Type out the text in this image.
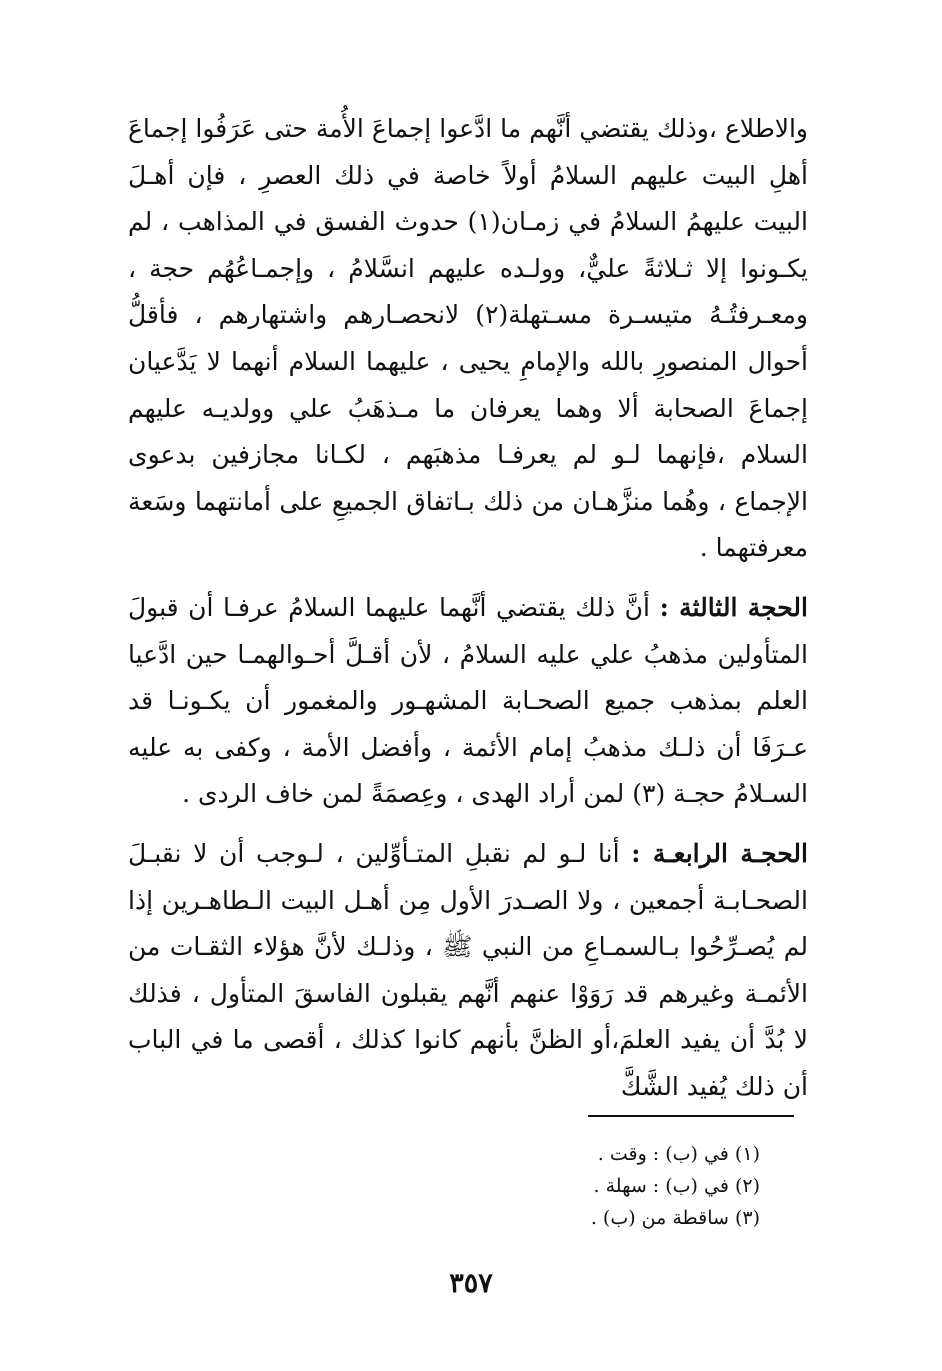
والاطلاع ،وذلك يقتضي أنَّهم ما ادَّعوا إجماعَ الأُمة حتى عَرَفُوا إجماعَ أهلِ البيت عليهم السلامُ أولاً خاصة في ذلك العصرِ ، فإن أهـلَ البيت عليهمُ السلامُ في زمـان(١) حدوث الفسق في المذاهب ، لم يكـونوا إلا ثـلاثةً عليٌّ، وولـده عليهم انسَّلامُ ، وإجمـاعُهُم حجة ، ومعـرفتُـهُ متيسـرة مسـتهلة(٢) لانحصـارهم واشتهارهم ، فأقلُّ أحوال المنصورِ بالله والإمامِ يحيى ، عليهما السلام أنهما لا يَدَّعيان إجماعَ الصحابة ألا وهما يعرفان ما مـذهَبُ علي وولديـه عليهم السلام ،فإنهما لـو لم يعرفـا مذهبَهم ، لكـانا مجازفين بدعوى الإجماع ، وهُما منزَّهـان من ذلك بـاتفاق الجميعِ على أمانتهما وسَعة معرفتهما .

الحجة الثالثة : أنَّ ذلك يقتضي أنَّهما عليهما السلامُ عرفـا أن قبولَ المتأولين مذهبُ علي عليه السلامُ ، لأن أقـلَّ أحـوالهمـا حين ادَّعيا العلم بمذهب جميع الصحـابة المشهـور والمغمور أن يكـونـا قد عـرَفَا أن ذلـك مذهبُ إمام الأئمة ، وأفضل الأمة ، وكفى به عليه السـلامُ حجـة (٣) لمن أراد الهدى ، وعِصمَةً لمن خاف الردى .

الحجـة الرابعـة : أنا لـو لم نقبلِ المتـأوِّلين ، لـوجب أن لا نقبـلَ الصحـابـة أجمعين ، ولا الصـدرَ الأول مِن أهـل البيت الـطاهـرين إذا لم يُصـرِّحُوا بـالسمـاعِ من النبي ﷺ ، وذلـك لأنَّ هؤلاء الثقـات من الأئمـة وغيرهم قد رَوَوْا عنهم أنَّهم يقبلون الفاسقَ المتأول ، فذلك لا بُدَّ أن يفيد العلمَ،أو الظنَّ بأنهم كانوا كذلك ، أقصى ما في الباب أن ذلك يُفيد الشَّكَّ

(١) في (ب) : وقت .
(٢) في (ب) : سهلة .
(٣) ساقطة من (ب) .
٣٥٧
